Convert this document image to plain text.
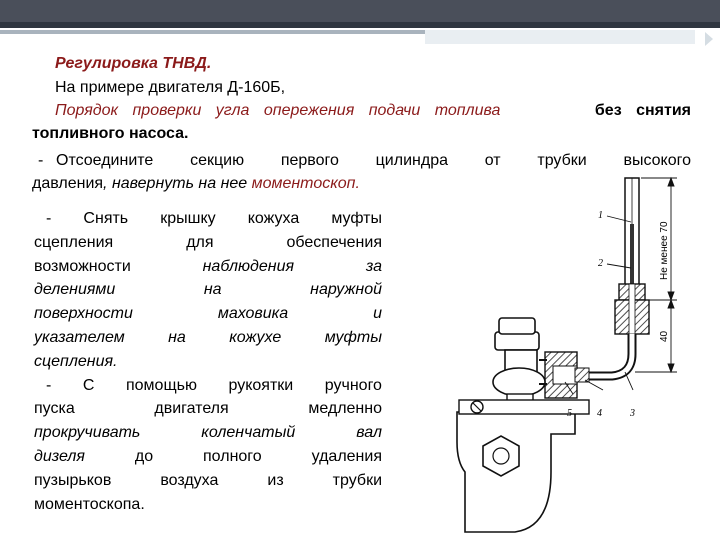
Регулировка ТНВД.
На примере двигателя Д-160Б,
Порядок проверки угла опережения подачи топлива	без снятия
топливного насоса.
- Отсоедините секцию первого цилиндра от трубки высокого
давления, навернуть на нее моментоскоп.
- Снять крышку кожуха муфты
сцепления	для	обеспечения
возможности	наблюдения	за
делениями	на	наружной
поверхности	маховика	и
указателем	на	кожухе	муфты
сцепления.
- С помощью рукоятки ручного
пуска	двигателя	медленно
прокручивать	коленчатый	вал
дизеля	до	полного	удаления
пузырьков	воздуха	из	трубки
моментоскопа.
1
2
3
4
5
Не менее 70
40
